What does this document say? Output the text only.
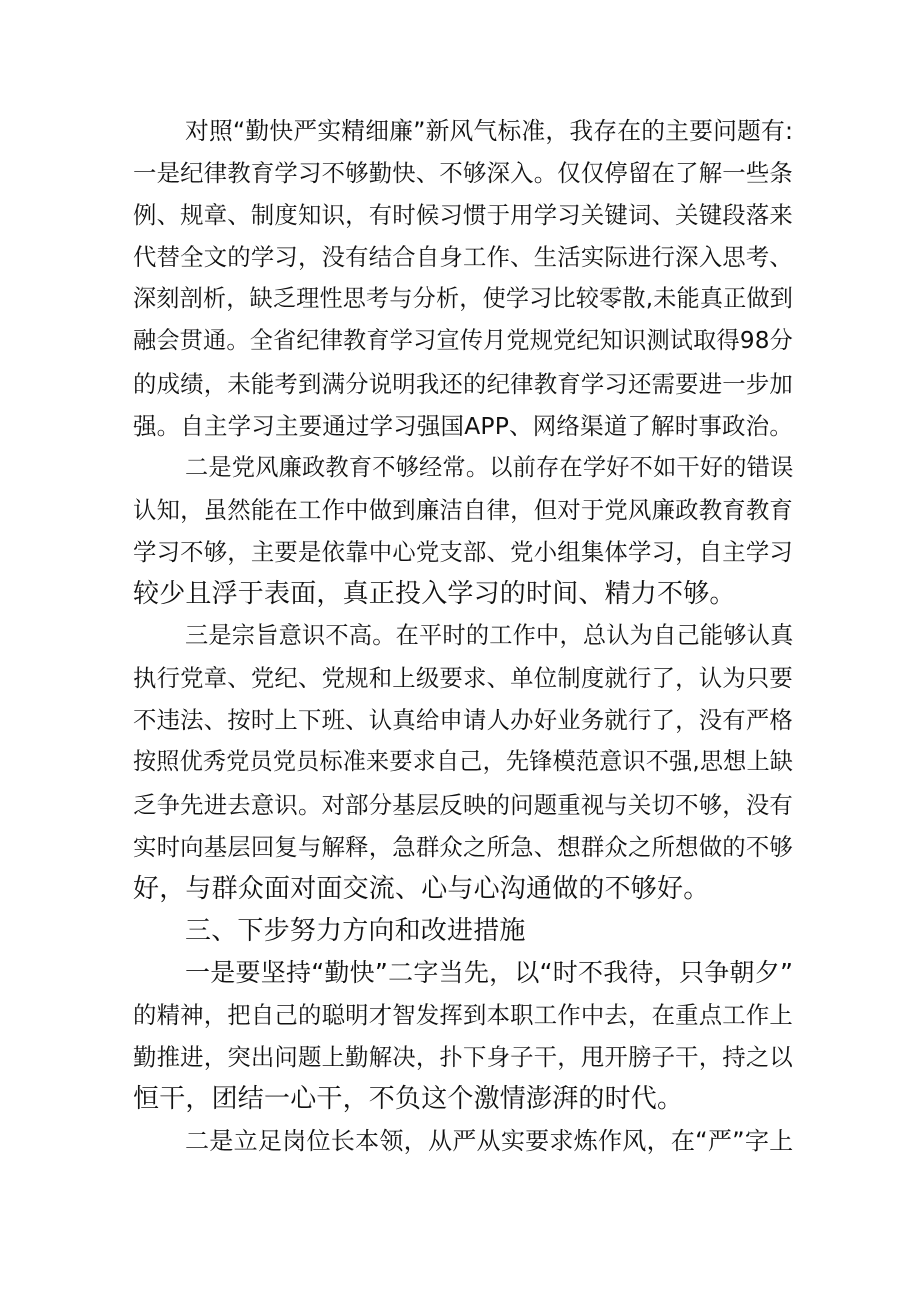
对照“勤快严实精细廉”新风气标准，我存在的主要问题有:
一是纪律教育学习不够勤快、不够深入。仅仅停留在了解一些条
例、规章、制度知识，有时候习惯于用学习关键词、关键段落来
代替全文的学习，没有结合自身工作、生活实际进行深入思考、
深刻剖析，缺乏理性思考与分析，使学习比较零散,未能真正做到
融会贯通。全省纪律教育学习宣传月党规党纪知识测试取得98分
的成绩，未能考到满分说明我还的纪律教育学习还需要进一步加
强。自主学习主要通过学习强国APP、网络渠道了解时事政治。
二是党风廉政教育不够经常。以前存在学好不如干好的错误
认知，虽然能在工作中做到廉洁自律，但对于党风廉政教育教育
学习不够，主要是依靠中心党支部、党小组集体学习，自主学习
较少且浮于表面，真正投入学习的时间、精力不够。
三是宗旨意识不高。在平时的工作中，总认为自己能够认真
执行党章、党纪、党规和上级要求、单位制度就行了，认为只要
不违法、按时上下班、认真给申请人办好业务就行了，没有严格
按照优秀党员党员标准来要求自己，先锋模范意识不强,思想上缺
乏争先进去意识。对部分基层反映的问题重视与关切不够，没有
实时向基层回复与解释，急群众之所急、想群众之所想做的不够
好，与群众面对面交流、心与心沟通做的不够好。
三、下步努力方向和改进措施
一是要坚持“勤快”二字当先，以“时不我待，只争朝夕”
的精神，把自己的聪明才智发挥到本职工作中去，在重点工作上
勤推进，突出问题上勤解决，扑下身子干，甩开膀子干，持之以
恒干，团结一心干，不负这个激情澎湃的时代。
二是立足岗位长本领，从严从实要求炼作风，在“严”字上
